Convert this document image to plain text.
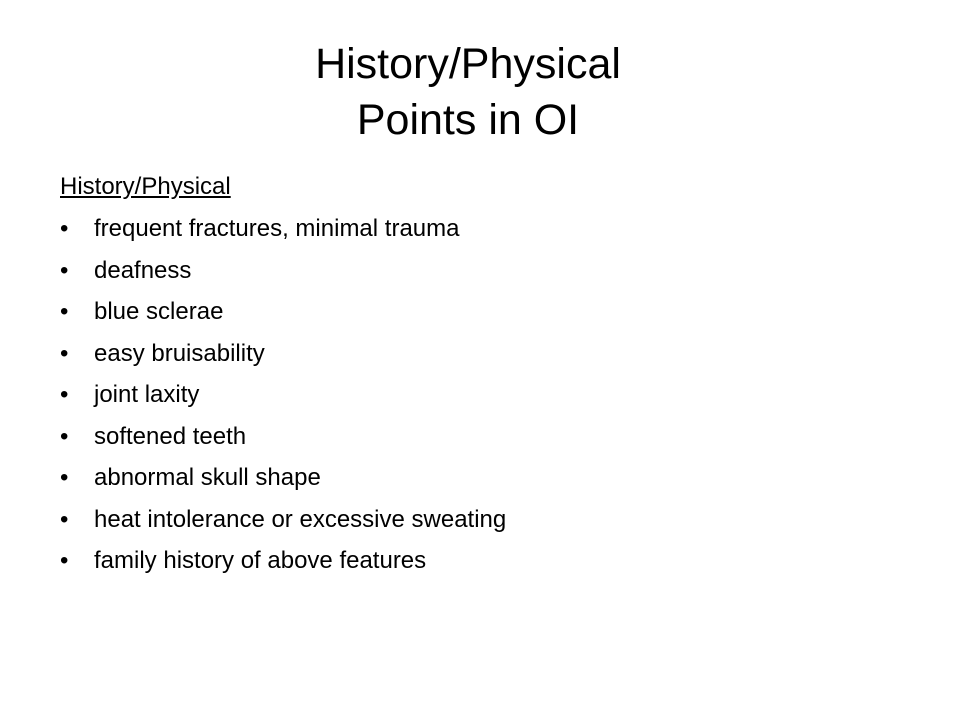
History/Physical
Points in OI
History/Physical
•	frequent fractures, minimal trauma
•	deafness
•	blue sclerae
•	easy bruisability
•	joint laxity
•	softened teeth
•	abnormal skull shape
•	heat intolerance or excessive sweating
•	family history of above features
